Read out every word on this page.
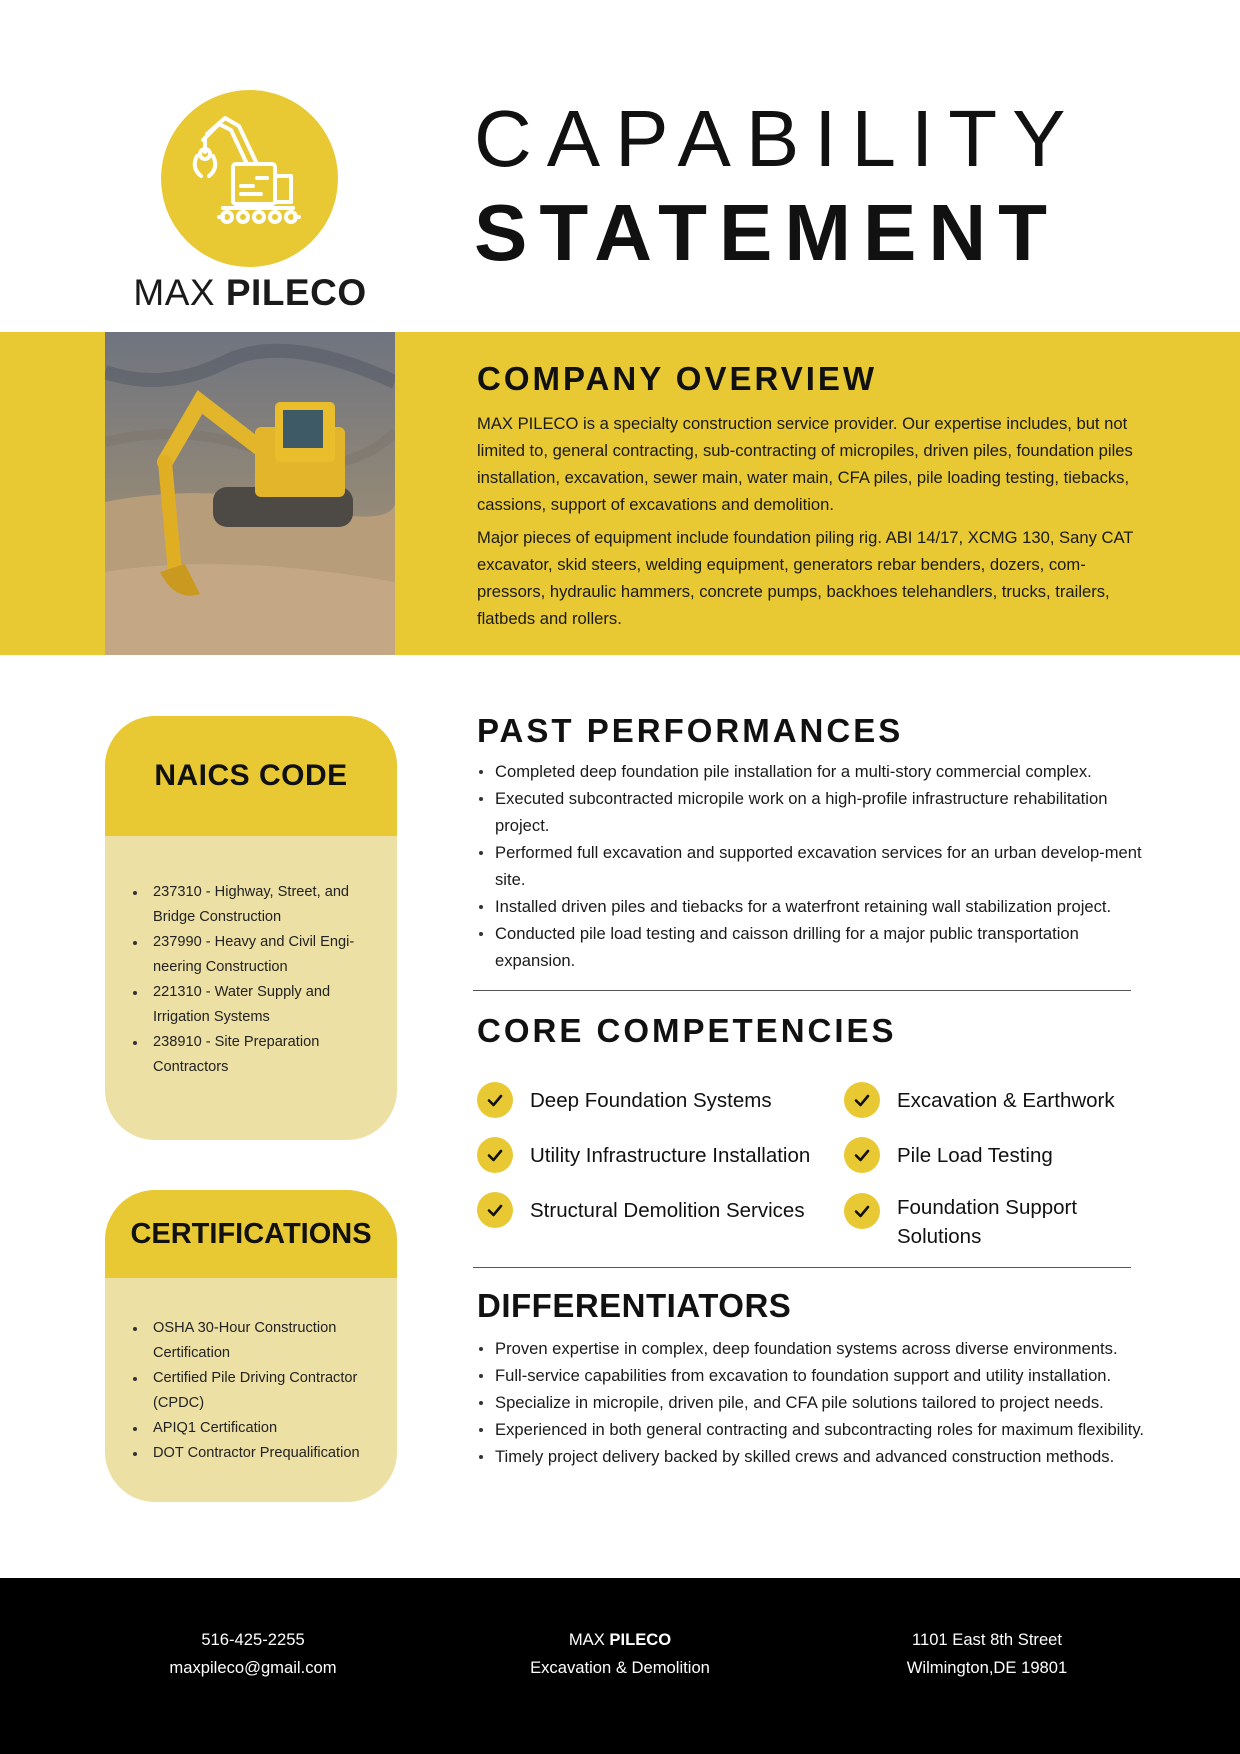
MAX PILECO
CAPABILITY
STATEMENT
COMPANY OVERVIEW

MAX PILECO is a specialty construction service provider. Our expertise includes, but not limited to, general contracting, sub-contracting of micropiles, driven piles, foundation piles installation, excavation, sewer main, water main, CFA piles, pile loading testing, tiebacks, cassions, support of excavations and demolition.

Major pieces of equipment include foundation piling rig. ABI 14/17, XCMG 130, Sany CAT excavator, skid steers, welding equipment, generators rebar benders, dozers, com-pressors, hydraulic hammers, concrete pumps, backhoes telehandlers, trucks, trailers, flatbeds and rollers.

NAICS CODE
237310 - Highway, Street, and Bridge Construction
237990 - Heavy and Civil Engi-neering Construction
221310 - Water Supply and Irrigation Systems
238910 - Site Preparation Contractors
CERTIFICATIONS
OSHA 30-Hour Construction Certification
Certified Pile Driving Contractor (CPDC)
APIQ1 Certification
DOT Contractor Prequalification
PAST PERFORMANCES
Completed deep foundation pile installation for a multi-story commercial complex.
Executed subcontracted micropile work on a high-profile infrastructure rehabilitation project.
Performed full excavation and supported excavation services for an urban develop-ment site.
Installed driven piles and tiebacks for a waterfront retaining wall stabilization project.
Conducted pile load testing and caisson drilling for a major public transportation expansion.
CORE COMPETENCIES
Deep Foundation Systems	Excavation & Earthwork
Utility Infrastructure Installation	Pile Load Testing
Structural Demolition Services	Foundation Support Solutions
DIFFERENTIATORS
Proven expertise in complex, deep foundation systems across diverse environments.
Full-service capabilities from excavation to foundation support and utility installation.
Specialize in micropile, driven pile, and CFA pile solutions tailored to project needs.
Experienced in both general contracting and subcontracting roles for maximum flexibility.
Timely project delivery backed by skilled crews and advanced construction methods.
516-425-2255
maxpileco@gmail.com
MAX PILECO
Excavation & Demolition
1101 East 8th Street
Wilmington,DE 19801
